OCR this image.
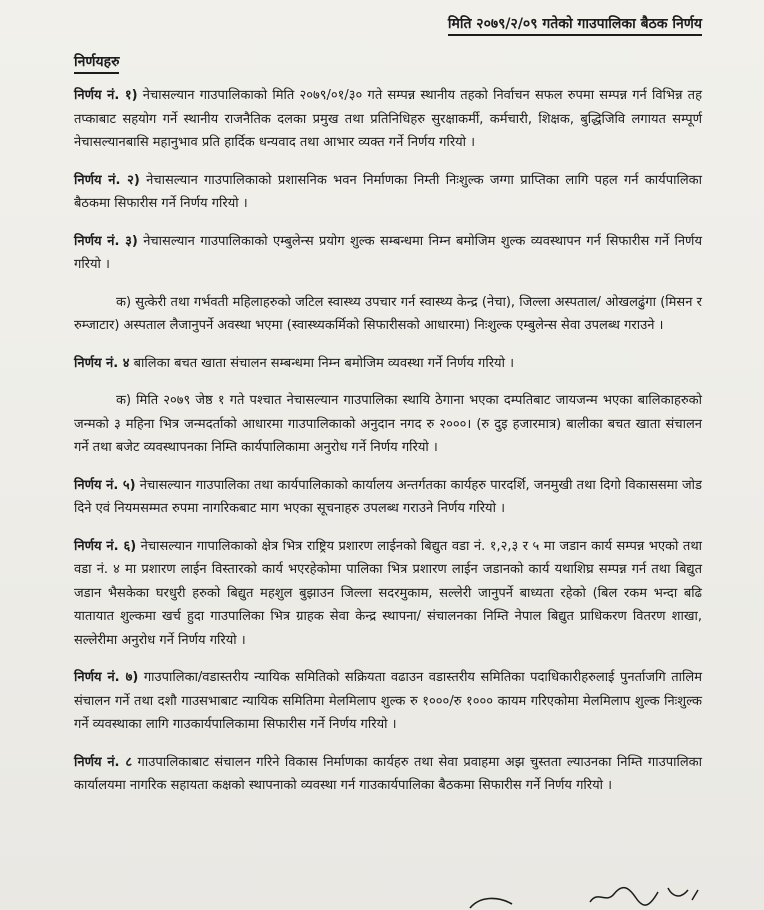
मिति २०७९/२/०९ गतेको गाउपालिका बैठक निर्णय
निर्णयहरु

निर्णय नं. १) नेचासल्यान गाउपालिकाको मिति २०७९/०१/३० गते सम्पन्न स्थानीय तहको निर्वाचन सफल रुपमा सम्पन्न गर्न विभिन्न तह तप्काबाट सहयोग गर्ने स्थानीय राजनैतिक दलका प्रमुख तथा प्रतिनिधिहरु सुरक्षाकर्मी, कर्मचारी, शिक्षक, बुद्धिजिवि लगायत सम्पूर्ण नेचासल्यानबासि महानुभाव प्रति हार्दिक धन्यवाद तथा आभार व्यक्त गर्ने निर्णय गरियो ।

निर्णय नं. २) नेचासल्यान गाउपालिकाको प्रशासनिक भवन निर्माणका निम्ती निःशुल्क जग्गा प्राप्तिका लागि पहल गर्न कार्यपालिका बैठकमा सिफारीस गर्ने निर्णय गरियो ।

निर्णय नं. ३) नेचासल्यान गाउपालिकाको एम्बुलेन्स प्रयोग शुल्क सम्बन्धमा निम्न बमोजिम शुल्क व्यवस्थापन गर्न सिफारीस गर्ने निर्णय गरियो ।

क) सुत्केरी तथा गर्भवती महिलाहरुको जटिल स्वास्थ्य उपचार गर्न स्वास्थ्य केन्द्र (नेचा), जिल्ला अस्पताल/ ओखलढुंगा (मिसन र रुम्जाटार) अस्पताल लैजानुपर्ने अवस्था भएमा (स्वास्थ्यकर्मिको सिफारीसको आधारमा) निःशुल्क एम्बुलेन्स सेवा उपलब्ध गराउने ।

निर्णय नं. ४ बालिका बचत खाता संचालन सम्बन्धमा निम्न बमोजिम व्यवस्था गर्ने निर्णय गरियो ।

क) मिति २०७९ जेष्ठ १ गते पश्चात नेचासल्यान गाउपालिका स्थायि ठेगाना भएका दम्पतिबाट जायजन्म भएका बालिकाहरुको जन्मको ३ महिना भित्र जन्मदर्ताको आधारमा गाउपालिकाको अनुदान नगद रु २०००। (रु दुइ हजारमात्र) बालीका बचत खाता संचालन गर्ने तथा बजेट व्यवस्थापनका निम्ति कार्यपालिकामा अनुरोध गर्ने निर्णय गरियो ।

निर्णय नं. ५) नेचासल्यान गाउपालिका तथा कार्यपालिकाको कार्यालय अन्तर्गतका कार्यहरु पारदर्शि, जनमुखी तथा दिगो विकाससमा जोड दिने एवं नियमसम्मत रुपमा नागरिकबाट माग भएका सूचनाहरु उपलब्ध गराउने निर्णय गरियो ।

निर्णय नं. ६) नेचासल्यान गापालिकाको क्षेत्र भित्र राष्ट्रिय प्रशारण लाईनको बिद्युत वडा नं. १,२,३ र ५ मा जडान कार्य सम्पन्न भएको तथा वडा नं. ४ मा प्रशारण लाईन विस्तारको कार्य भएरहेकोमा पालिका भित्र प्रशारण लाईन जडानको कार्य यथाशिघ्र सम्पन्न गर्न तथा बिद्युत जडान भैसकेका घरधुरी हरुको बिद्युत महशुल बुझाउन जिल्ला सदरमुकाम, सल्लेरी जानुपर्ने बाध्यता रहेको (बिल रकम भन्दा बढि यातायात शुल्कमा खर्च हुदा गाउपालिका भित्र ग्राहक सेवा केन्द्र स्थापना/ संचालनका निम्ति नेपाल बिद्युत प्राधिकरण वितरण शाखा, सल्लेरीमा अनुरोध गर्ने निर्णय गरियो ।

निर्णय नं. ७) गाउपालिका/वडास्तरीय न्यायिक समितिको सक्रियता वढाउन वडास्तरीय समितिका पदाधिकारीहरुलाई पुनर्ताजगि तालिम संचालन गर्ने तथा दशौ गाउसभाबाट न्यायिक समितिमा मेलमिलाप शुल्क रु १०००/रु १००० कायम गरिएकोमा मेलमिलाप शुल्क निःशुल्क गर्ने व्यवस्थाका लागि गाउकार्यपालिकामा सिफारीस गर्ने निर्णय गरियो ।

निर्णय नं. ८ गाउपालिकाबाट संचालन गरिने विकास निर्माणका कार्यहरु तथा सेवा प्रवाहमा अझ चुस्तता ल्याउनका निम्ति गाउपालिका कार्यालयमा नागरिक सहायता कक्षको स्थापनाको व्यवस्था गर्न गाउकार्यपालिका बैठकमा सिफारीस गर्ने निर्णय गरियो ।
